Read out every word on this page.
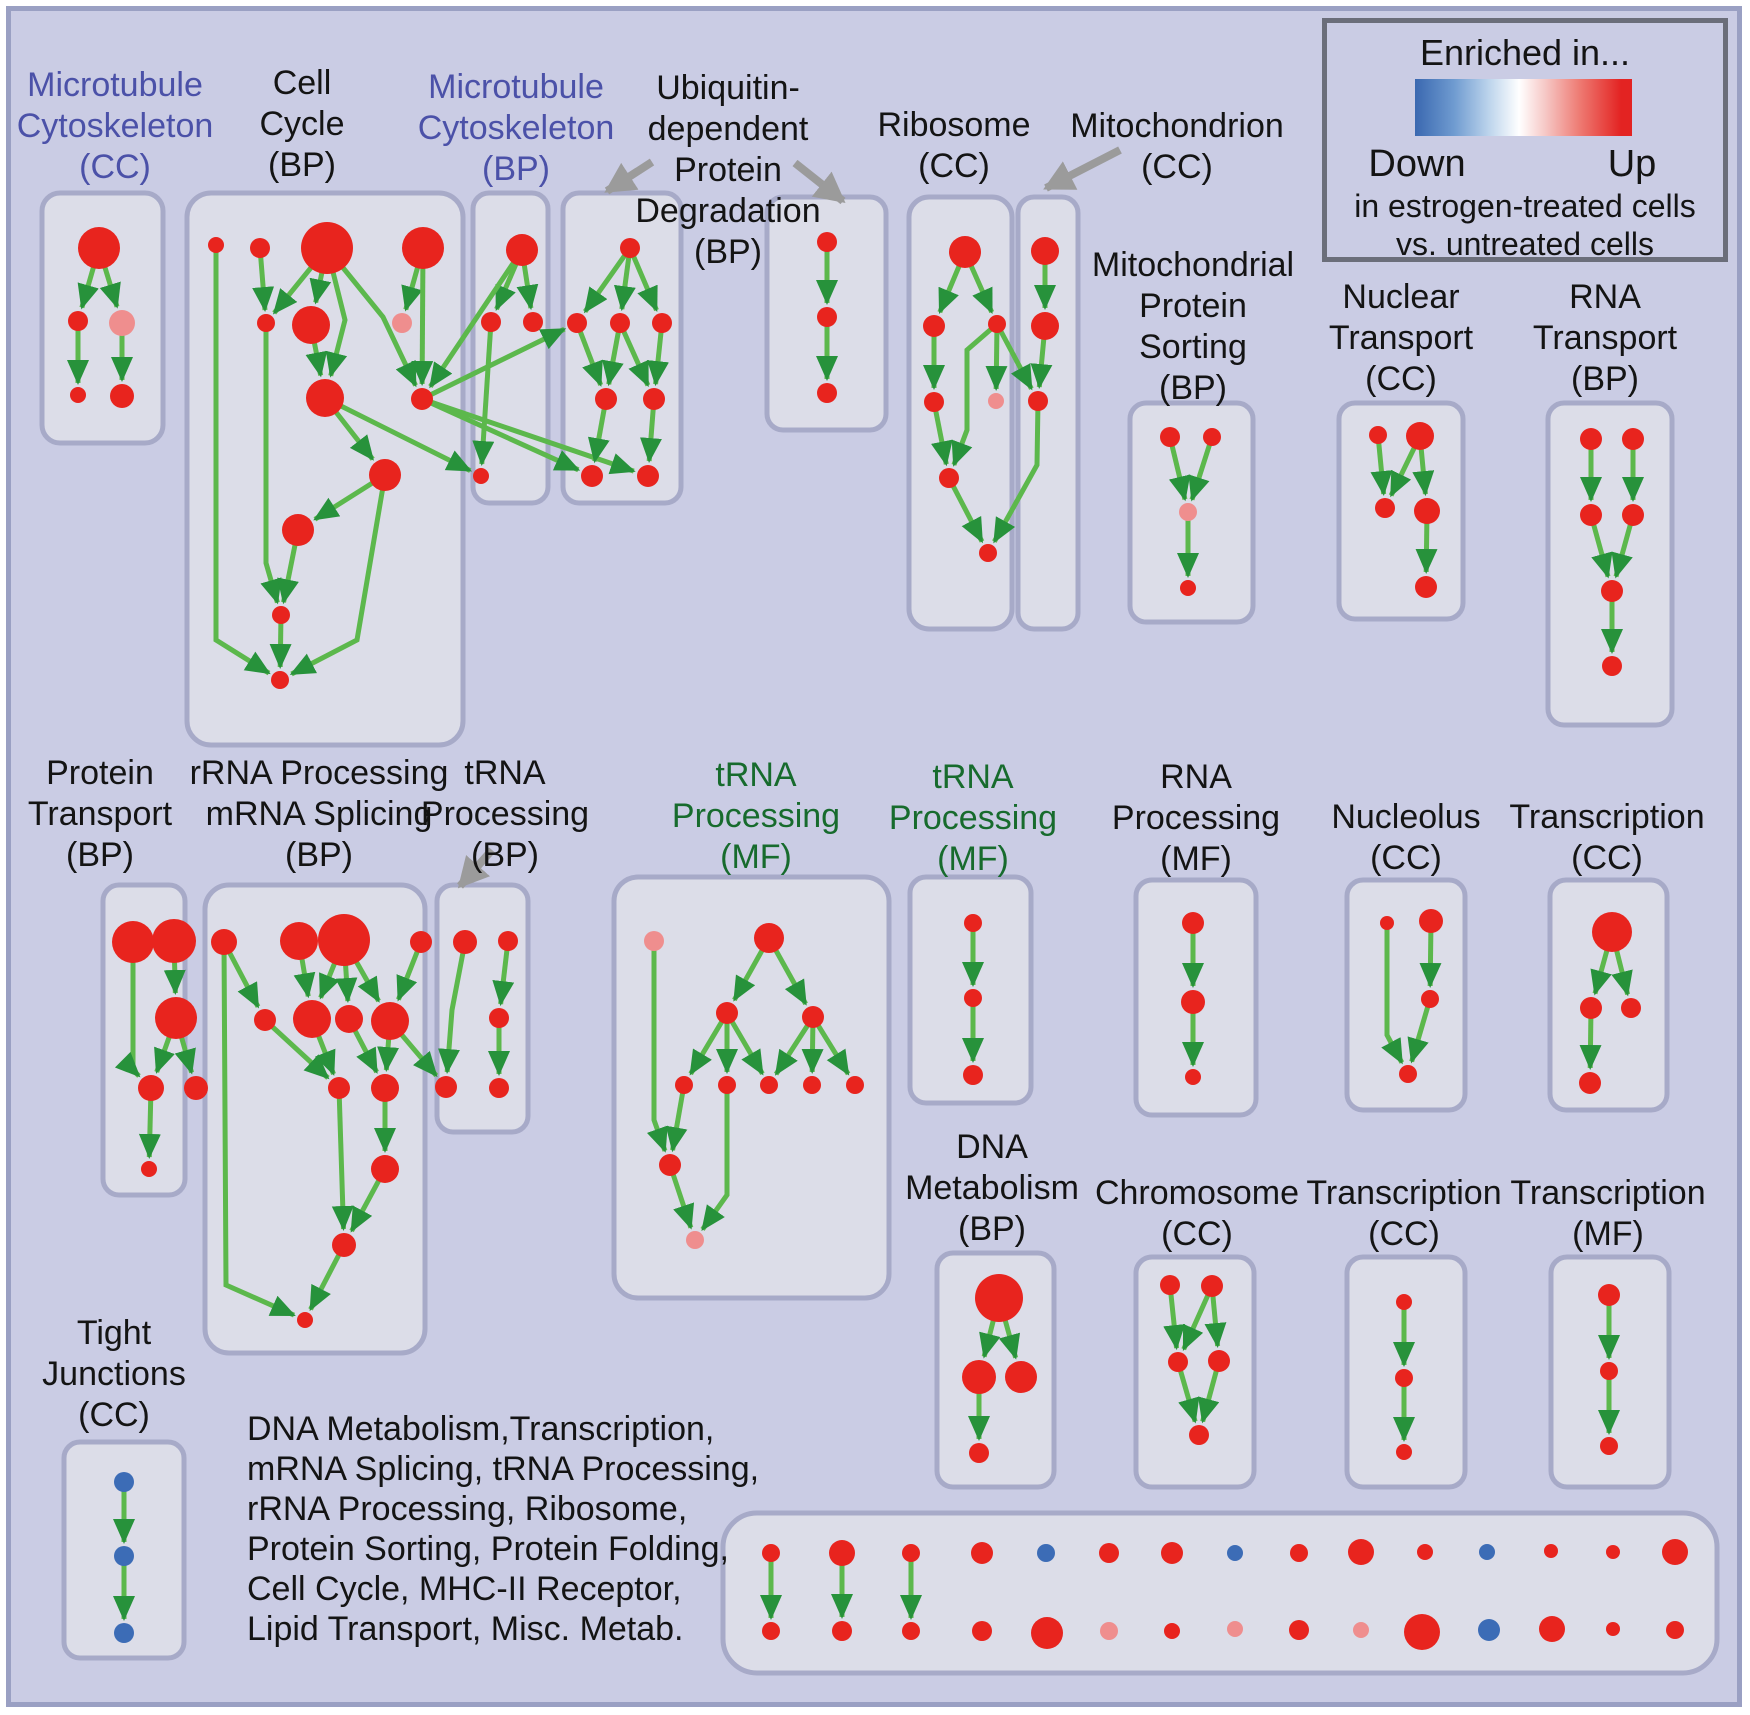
Microtubule
Cytoskeleton
(CC)
Cell
Cycle
(BP)
Microtubule
Cytoskeleton
(BP)
Ubiquitin-
dependent
Protein
Degradation
(BP)
Ribosome
(CC)
Mitochondrion
(CC)
Mitochondrial
Protein
Sorting
(BP)
Nuclear
Transport
(CC)
RNA
Transport
(BP)
Protein
Transport
(BP)
rRNA Processing
mRNA Splicing
(BP)
tRNA
Processing
(BP)
tRNA
Processing
(MF)
tRNA
Processing
(MF)
RNA
Processing
(MF)
Nucleolus
(CC)
Transcription
(CC)
DNA
Metabolism
(BP)
Chromosome
(CC)
Transcription
(CC)
Transcription
(MF)
Tight
Junctions
(CC)	DNA Metabolism,Transcription,
mRNA Splicing, tRNA Processing,
rRNA Processing, Ribosome,
Protein Sorting, Protein Folding,
Cell Cycle, MHC-II Receptor,
Lipid Transport, Misc. Metab.
Enriched in...
Down	Up
in estrogen-treated cells
vs. untreated cells
